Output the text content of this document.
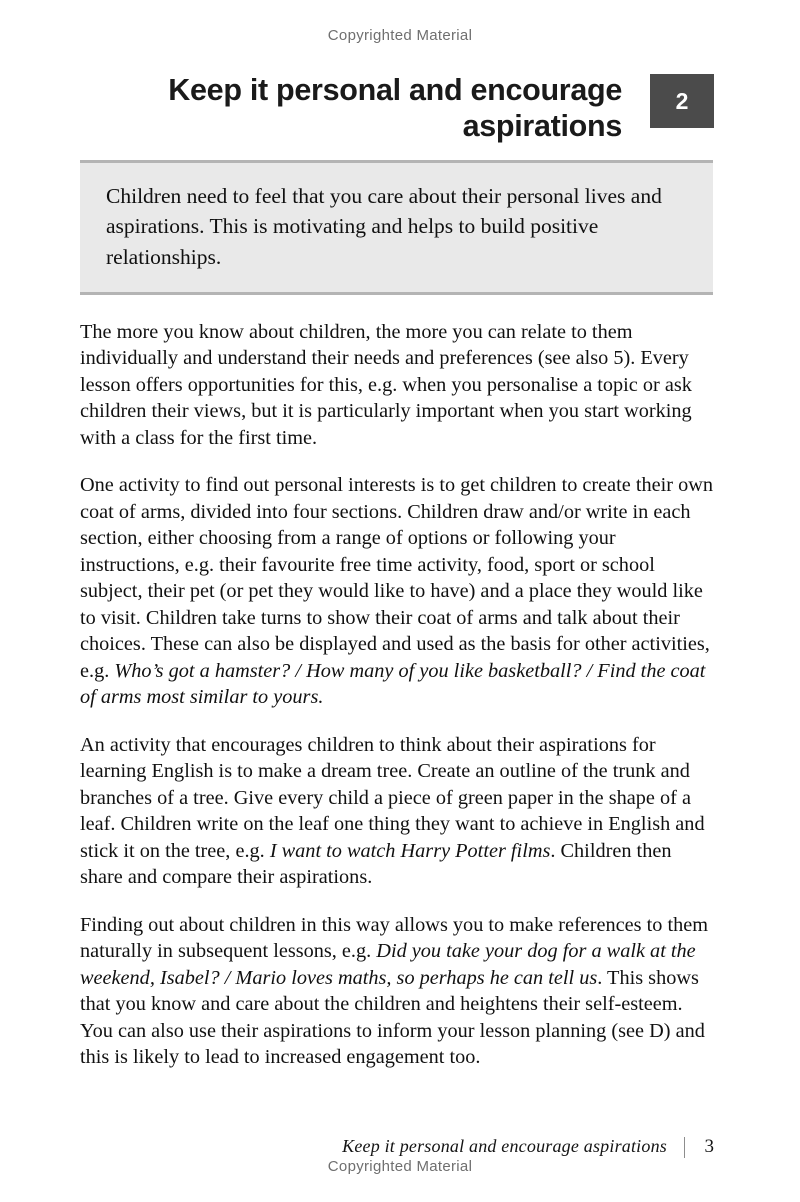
Copyrighted Material
Keep it personal and encourage aspirations
2

Children need to feel that you care about their personal lives and aspirations. This is motivating and helps to build positive relationships.

The more you know about children, the more you can relate to them individually and understand their needs and preferences (see also 5). Every lesson offers opportunities for this, e.g. when you personalise a topic or ask children their views, but it is particularly important when you start working with a class for the first time.

One activity to find out personal interests is to get children to create their own coat of arms, divided into four sections. Children draw and/or write in each section, either choosing from a range of options or following your instructions, e.g. their favourite free time activity, food, sport or school subject, their pet (or pet they would like to have) and a place they would like to visit. Children take turns to show their coat of arms and talk about their choices. These can also be displayed and used as the basis for other activities, e.g. Who’s got a hamster? / How many of you like basketball? / Find the coat of arms most similar to yours.

An activity that encourages children to think about their aspirations for learning English is to make a dream tree. Create an outline of the trunk and branches of a tree. Give every child a piece of green paper in the shape of a leaf. Children write on the leaf one thing they want to achieve in English and stick it on the tree, e.g. I want to watch Harry Potter films. Children then share and compare their aspirations.

Finding out about children in this way allows you to make references to them naturally in subsequent lessons, e.g. Did you take your dog for a walk at the weekend, Isabel? / Mario loves maths, so perhaps he can tell us. This shows that you know and care about the children and heightens their self-esteem. You can also use their aspirations to inform your lesson planning (see D) and this is likely to lead to increased engagement too.

Keep it personal and encourage aspirations 3
Copyrighted Material
